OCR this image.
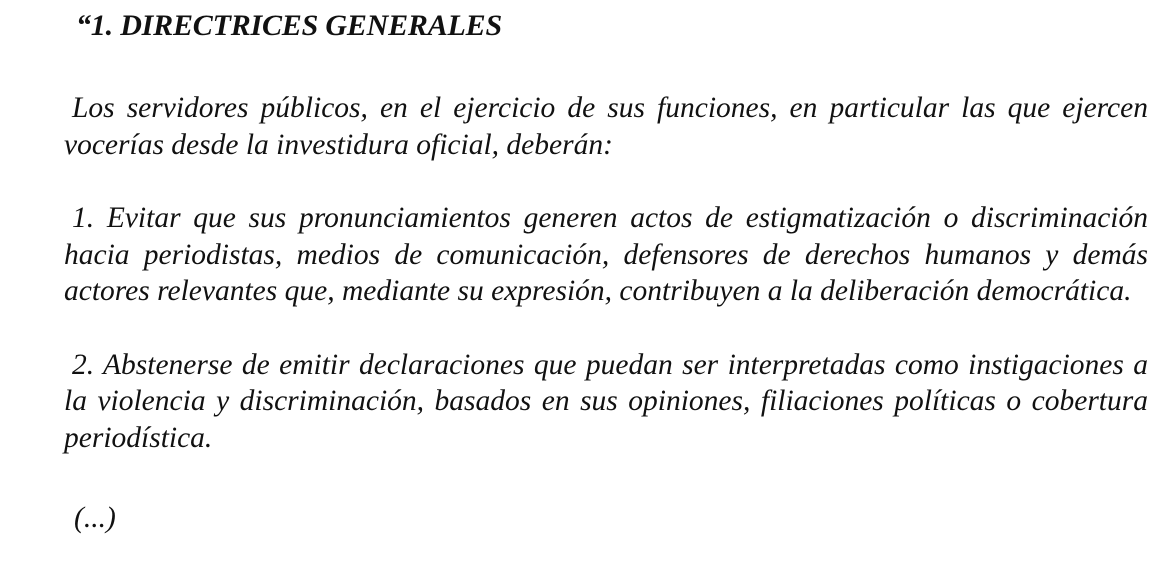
“1. DIRECTRICES GENERALES

Los servidores públicos, en el ejercicio de sus funciones, en particular las que ejercen vocerías desde la investidura oficial, deberán:

1. Evitar que sus pronunciamientos generen actos de estigmatización o discriminación hacia periodistas, medios de comunicación, defensores de derechos humanos y demás actores relevantes que, mediante su expresión, contribuyen a la deliberación democrática.

2. Abstenerse de emitir declaraciones que puedan ser interpretadas como instigaciones a la violencia y discriminación, basados en sus opiniones, filiaciones políticas o cobertura periodística.

(...)
